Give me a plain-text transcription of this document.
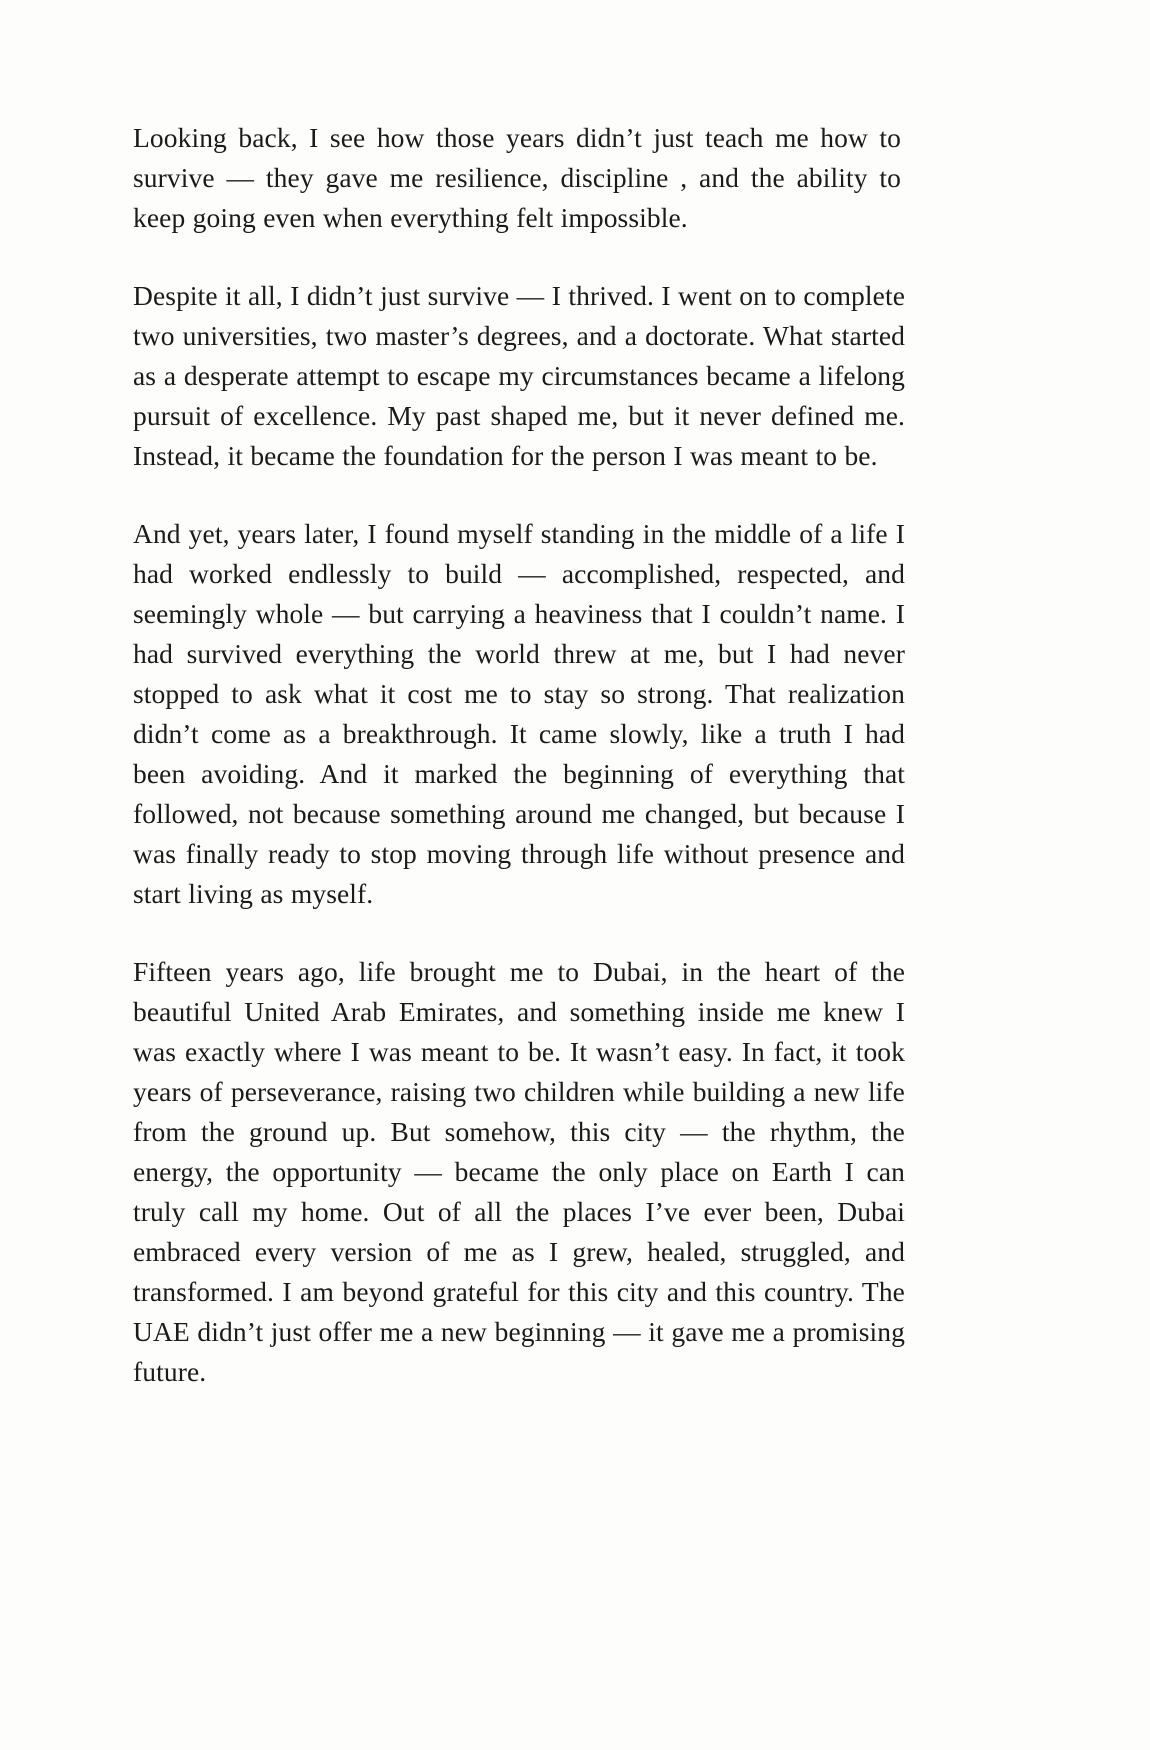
Looking back, I see how those years didn’t just teach me how to survive — they gave me resilience, discipline , and the ability to keep going even when everything felt impossible.

Despite it all, I didn’t just survive — I thrived. I went on to complete two universities, two master’s degrees, and a doctorate. What started as a desperate attempt to escape my circumstances became a lifelong pursuit of excellence. My past shaped me, but it never defined me. Instead, it became the foundation for the person I was meant to be.

And yet, years later, I found myself standing in the middle of a life I had worked endlessly to build — accomplished, respected, and seemingly whole — but carrying a heaviness that I couldn’t name. I had survived everything the world threw at me, but I had never stopped to ask what it cost me to stay so strong. That realization didn’t come as a breakthrough. It came slowly, like a truth I had been avoiding. And it marked the beginning of everything that followed, not because something around me changed, but because I was finally ready to stop moving through life without presence and start living as myself.

Fifteen years ago, life brought me to Dubai, in the heart of the beautiful United Arab Emirates, and something inside me knew I was exactly where I was meant to be. It wasn’t easy. In fact, it took years of perseverance, raising two children while building a new life from the ground up. But somehow, this city — the rhythm, the energy, the opportunity — became the only place on Earth I can truly call my home. Out of all the places I’ve ever been, Dubai embraced every version of me as I grew, healed, struggled, and transformed. I am beyond grateful for this city and this country. The UAE didn’t just offer me a new beginning — it gave me a promising future.
